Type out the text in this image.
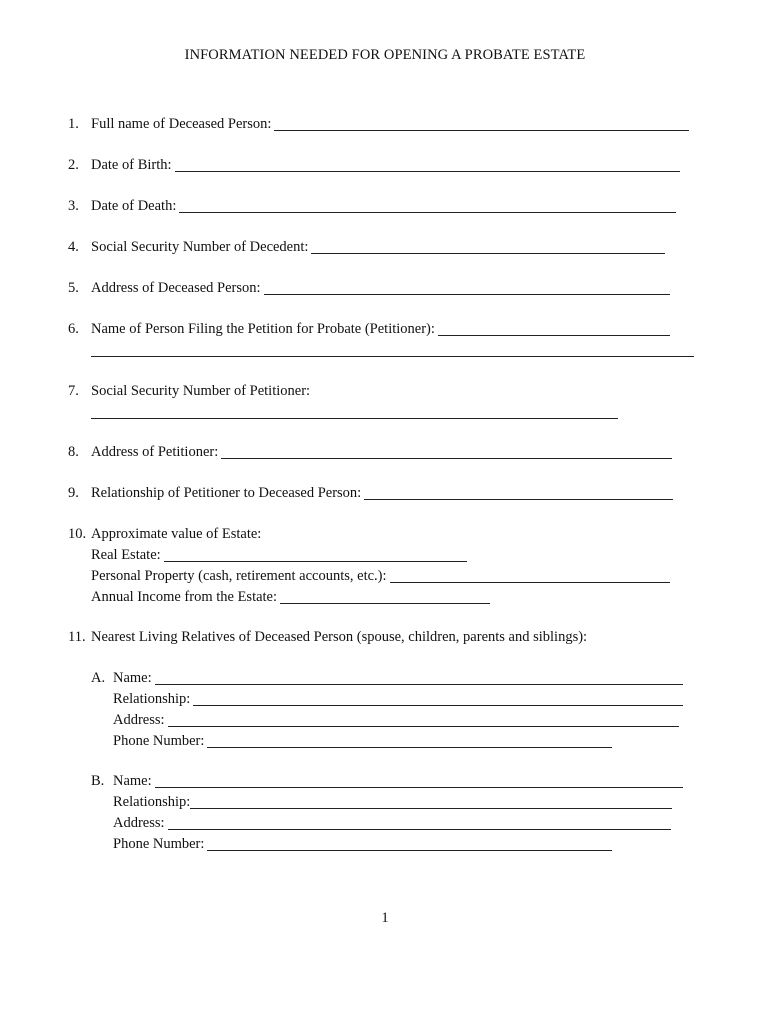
INFORMATION NEEDED FOR OPENING A PROBATE ESTATE
1. Full name of Deceased Person:
2. Date of Birth:
3. Date of Death:
4. Social Security Number of Decedent:
5. Address of Deceased Person:
6. Name of Person Filing the Petition for Probate (Petitioner):
7. Social Security Number of Petitioner:
8. Address of Petitioner:
9. Relationship of Petitioner to Deceased Person:
10. Approximate value of Estate:
Real Estate:
Personal Property (cash, retirement accounts, etc.):
Annual Income from the Estate:
11. Nearest Living Relatives of Deceased Person (spouse, children, parents and siblings):
A. Name:
Relationship:
Address:
Phone Number:
B. Name:
Relationship:
Address:
Phone Number:
1
